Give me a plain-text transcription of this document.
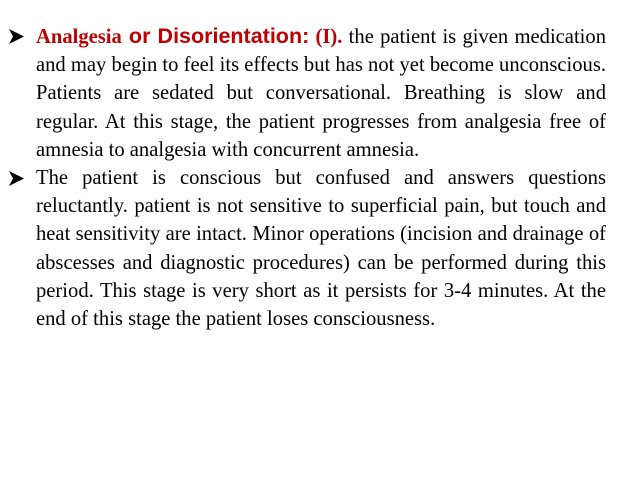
Analgesia or Disorientation: (I). the patient is given medication and may begin to feel its effects but has not yet become unconscious. Patients are sedated but conversational. Breathing is slow and regular. At this stage, the patient progresses from analgesia free of amnesia to analgesia with concurrent amnesia.
The patient is conscious but confused and answers questions reluctantly. patient is not sensitive to superficial pain, but touch and heat sensitivity are intact. Minor operations (incision and drainage of abscesses and diagnostic procedures) can be performed during this period. This stage is very short as it persists for 3-4 minutes. At the end of this stage the patient loses consciousness.
